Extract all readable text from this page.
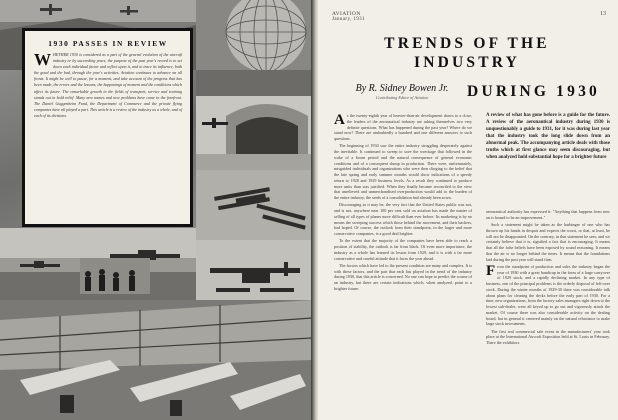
1930 PASSES IN REVIEW
WHETHER 1930 is considered as a part of the general evolution of the aircraft industry or by succeeding years, the purpose of the past year's record is to set down each individual factor and reflect upon it, and to trace its influence, both the good and the bad, through the year's activities. Aviation continues to advance on all fronts. It might be well to pause, for a moment, and take account of the progress that has been made, the errors and the lessons, the happenings of moment and the conditions which affect its future. The remarkable growth in the fields of transport, service and training stands out in bold relief. Many new names and new problems have come to the forefront. The Daniel Guggenheim Fund, the Department of Commerce and the private flying companies have all played a part. This article is a review of the industry as a whole, and of each of its divisions.
AVIATION
January, 1931
13
TRENDS OF THE INDUSTRY
DURING 1930
By R. Sidney Bowen Jr.
Contributing Editor of Aviation
A review of what has gone before is a guide for the future. A review of the aeronautical industry during 1930 is unquestionably a guide to 1931, for it was during last year that the industry took the long slide down from an abnormal peak. The accompanying article deals with those truths which at first glance may seem discouraging, but when analyzed hold substantial hope for a brighter future

As the twenty-eighth year of heavier-than-air development draws to a close, the leaders of the aeronautical industry are asking themselves two very definite questions. What has happened during the past year? Where do we stand now? There are undoubtedly a hundred and one different answers to such questions.

The beginning of 1930 saw the entire industry struggling desperately against the inevitable. It continued to sweep to save the wreckage that followed in the wake of a boom period and the natural consequence of general economic conditions and of a consequent slump in production. There were, unfortunately, misguided individuals and organizations who were then clinging to the belief that the late spring and early summer months would show indications of a speedy return to 1928 and 1929 business levels. As a result they continued to produce more units than was justified. When they finally became reconciled to the view that unrelieved and unmerchandised overproduction would add to the burden of the entire industry, the seeds of a consolidation had already been sown.

Discouraging as it may be, the very fact that the United States public was not, and is not, anywhere near 100 per cent sold on aviation has made the matter of selling of all types of planes more difficult than ever before. Its marketing is by no means the sweeping success which those behind the movement, and their backers, had hoped. Of course, the outlook from their standpoint, in the larger and more conservative companies, is a good deal brighter.

To the extent that the majority of the companies have been able to reach a position of stability, the outlook is far from black. Of even more importance, the industry as a whole has learned its lesson from 1929, and it is with a far more conservative and careful attitude that it faces the year ahead.

The factors which have led to the present condition are many and complex. It is with these factors, and the part that each has played in the trend of the industry during 1930, that this article is concerned. No one can hope to predict the course of an industry, but there are certain indications which, when analyzed, point to a brighter future.

aeronautical authority has expressed it: "Anything that happens from now on is bound to be an improvement."

Such a statement might be taken as the harbinger of one who has thrown up his hands in despair and expects the worst, or that, at least, he will not be disappointed. On the contrary, in that statement he sees, and we certainly believe that it is, signified a fact that is encouraging. It means that all the false beliefs have been exposed by sound reasoning. It means that the air is no longer behind the times. It means that the foundations laid during the past year will stand firm.

From the standpoint of production and sales the industry began the year of 1930 with a great handicap in the form of a large carryover of 1929 stock, and a rapidly declining market. In any type of business, one of the principal problems is the orderly disposal of left-over stock. During the winter months of 1929-30 there was considerable talk about plans for clearing the decks before the early part of 1930. For a time, new organizations, from the factory sales managers right down to the lowest sub-dealer, were all keyed up to go out and vigorously attack the market. Of course there was also considerable activity on the dealing board, but in general it centered mainly on the natural reluctance to make large stock investments.

The first real commercial sale event in the manufacturers' year took place at the International Aircraft Exposition held at St. Louis in February. There the exhibitors
